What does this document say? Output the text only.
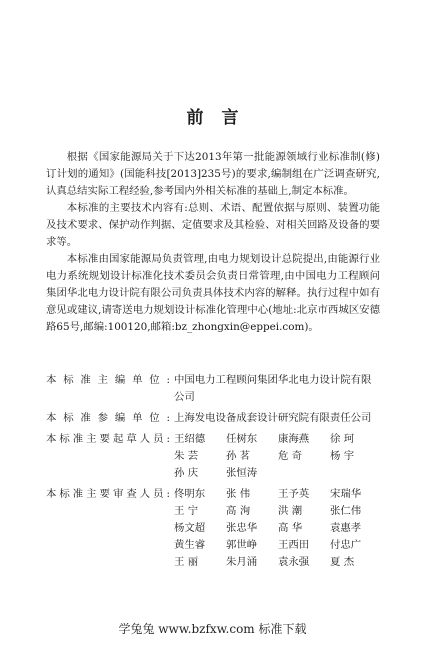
前言

根据《国家能源局关于下达2013年第一批能源领域行业标准制(修)订计划的通知》(国能科技[2013]235号)的要求,编制组在广泛调查研究,认真总结实际工程经验,参考国内外相关标准的基础上,制定本标准。

本标准的主要技术内容有:总则、术语、配置依据与原则、装置功能及技术要求、保护动作判据、定值要求及其检验、对相关回路及设备的要求等。

本标准由国家能源局负责管理,由电力规划设计总院提出,由能源行业电力系统规划设计标准化技术委员会负责日常管理,由中国电力工程顾问集团华北电力设计院有限公司负责具体技术内容的解释。执行过程中如有意见或建议,请寄送电力规划设计标准化管理中心(地址:北京市西城区安德路65号,邮编:100120,邮箱:bz_zhongxin@eppei.com)。

本标准主编单位: 中国电力工程顾问集团华北电力设计院有限公司
本标准参编单位: 上海发电设备成套设计研究院有限责任公司
本标准主要起草人员: 王绍德	任树东	康海燕	徐 珂
朱 芸	孙 茗	危 奇	杨 宇
孙 庆	张恒涛
本标准主要审查人员: 佟明东	张 伟	王予英	宋瑞华
王 宁	高 洵	洪 潮	张仁伟
杨文超	张忠华	高 华	袁惠孝
黄生睿	郭世峥	王西田	付忠广
王 丽	朱月涌	袁永强	夏 杰
学兔兔 www.bzfxw.com 标准下载
